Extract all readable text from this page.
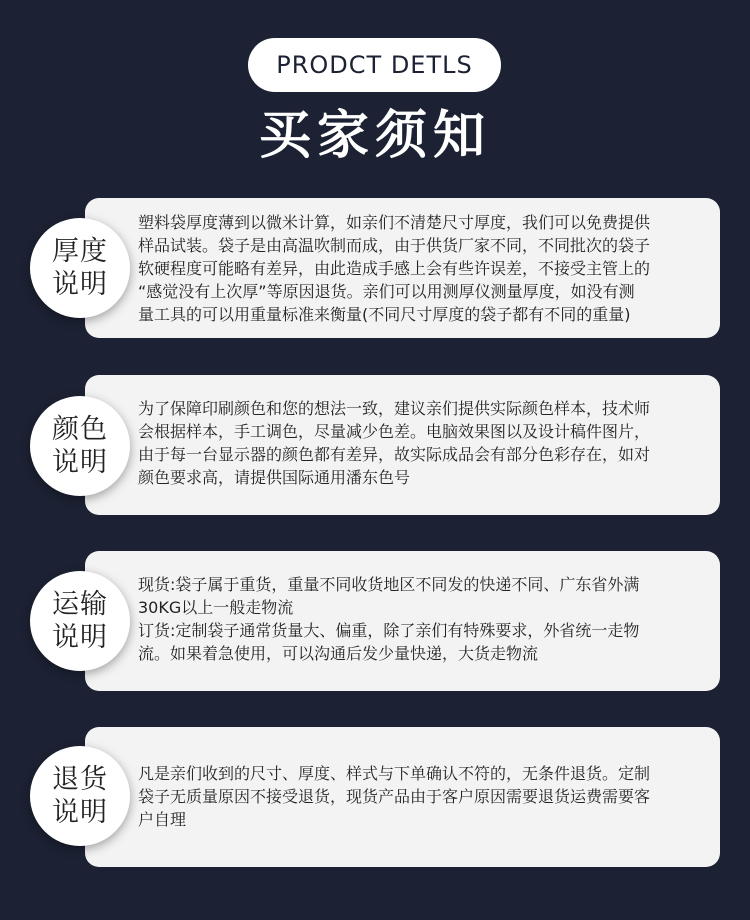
PRODCT DETLS
买家须知
塑料袋厚度薄到以微米计算，如亲们不清楚尺寸厚度，我们可以免费提供
样品试装。袋子是由高温吹制而成，由于供货厂家不同，不同批次的袋子
软硬程度可能略有差异，由此造成手感上会有些许误差，不接受主管上的
“感觉没有上次厚”等原因退货。亲们可以用测厚仪测量厚度，如没有测
量工具的可以用重量标准来衡量(不同尺寸厚度的袋子都有不同的重量)
厚度
说明
为了保障印刷颜色和您的想法一致，建议亲们提供实际颜色样本，技术师
会根据样本，手工调色，尽量减少色差。电脑效果图以及设计稿件图片，
由于每一台显示器的颜色都有差异，故实际成品会有部分色彩存在，如对
颜色要求高，请提供国际通用潘东色号
颜色
说明
现货:袋子属于重货，重量不同收货地区不同发的快递不同、广东省外满
30KG以上一般走物流
订货:定制袋子通常货量大、偏重，除了亲们有特殊要求，外省统一走物
流。如果着急使用，可以沟通后发少量快递，大货走物流
运输
说明
凡是亲们收到的尺寸、厚度、样式与下单确认不符的，无条件退货。定制
袋子无质量原因不接受退货，现货产品由于客户原因需要退货运费需要客
户自理
退货
说明
